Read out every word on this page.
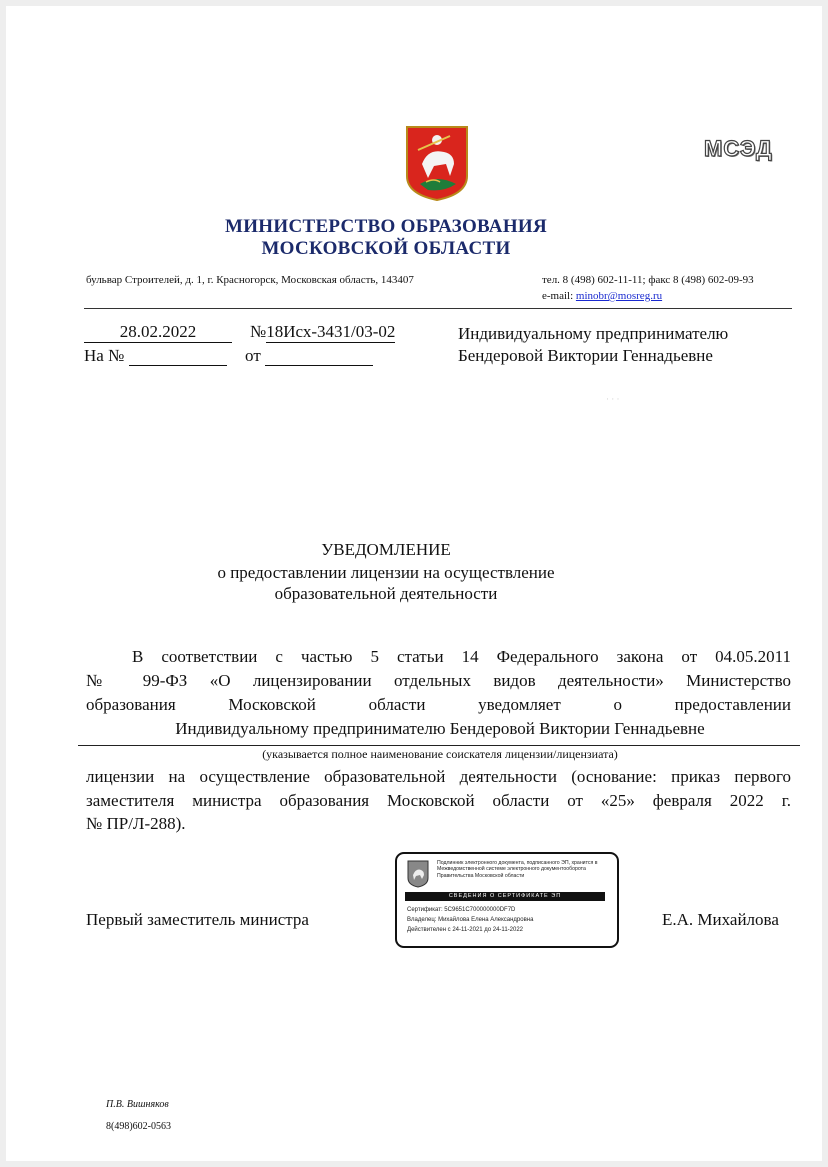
МСЭД
МИНИСТЕРСТВО ОБРАЗОВАНИЯ
МОСКОВСКОЙ ОБЛАСТИ
бульвар Строителей, д. 1, г. Красногорск, Московская область, 143407	тел. 8 (498) 602-11-11; факс 8 (498) 602-09-93
e-mail: minobr@mosreg.ru
28.02.2022	№18Исх-3431/03-02
На №	от
Индивидуальному предпринимателю
Бендеровой Виктории Геннадьевне
· · ·
УВЕДОМЛЕНИЕ
о предоставлении лицензии на осуществление
образовательной деятельности
В соответствии с частью 5 статьи 14 Федерального закона от 04.05.2011
№ 99-ФЗ «О лицензировании отдельных видов деятельности» Министерство
образования Московской области уведомляет о предоставлении
Индивидуальному предпринимателю Бендеровой Виктории Геннадьевне
(указывается полное наименование соискателя лицензии/лицензиата)
лицензии на осуществление образовательной деятельности (основание: приказ первого
заместителя министра образования Московской области от «25» февраля 2022 г.
№ ПР/Л-288).
Первый заместитель министра	Е.А. Михайлова
Подлинник электронного документа, подписанного ЭП, хранится в Межведомственной системе электронного документооборота Правительства Московской области
СВЕДЕНИЯ О СЕРТИФИКАТЕ ЭП
Сертификат: 5C9651C700000000DF7D
Владелец: Михайлова Елена Александровна
Действителен с 24-11-2021 до 24-11-2022
П.В. Вишняков
8(498)602-0563
